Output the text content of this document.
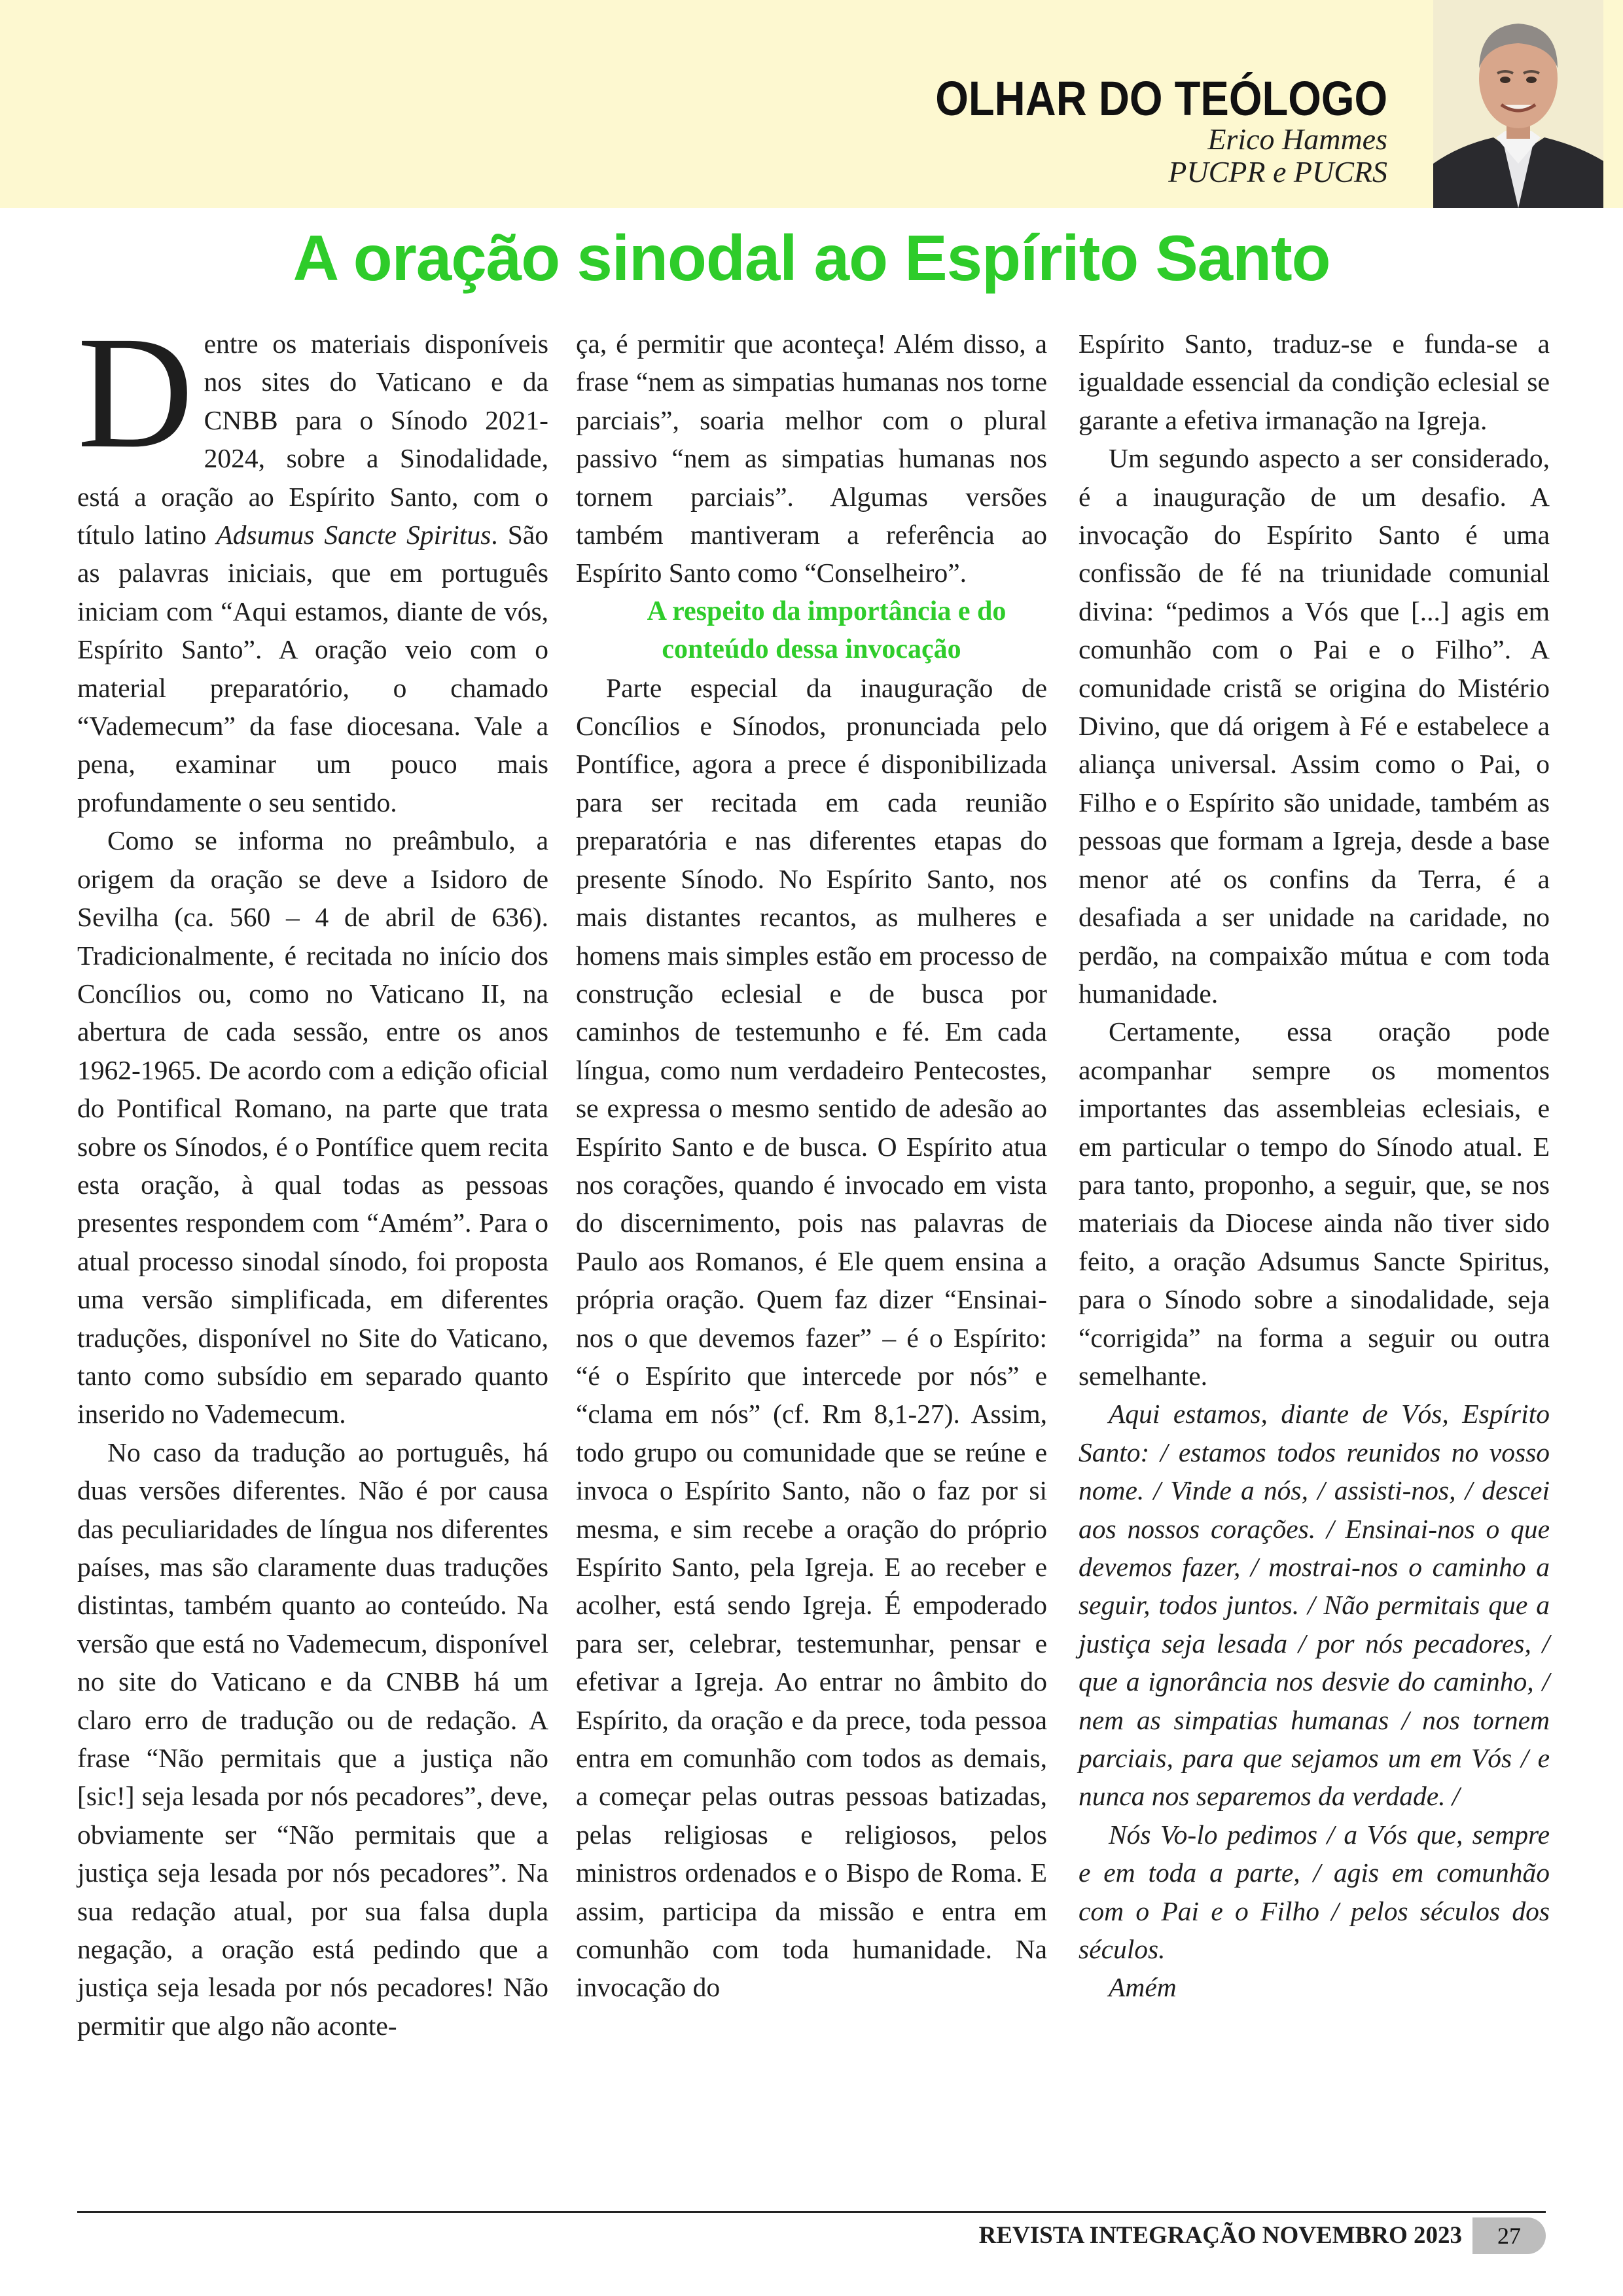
OLHAR DO TEÓLOGO
Erico Hammes
PUCPR e PUCRS
A oração sinodal ao Espírito Santo

Dentre os materiais disponíveis nos sites do Vaticano e da CNBB para o Sínodo 2021-2024, sobre a Sinodalidade, está a oração ao Espírito Santo, com o título latino Adsumus Sancte Spiritus. São as palavras iniciais, que em português iniciam com “Aqui estamos, diante de vós, Espírito Santo”. A oração veio com o material preparatório, o chamado “Vademecum” da fase diocesana. Vale a pena, examinar um pouco mais profundamente o seu sentido.

Como se informa no preâmbulo, a origem da oração se deve a Isidoro de Sevilha (ca. 560 – 4 de abril de 636). Tradicionalmente, é recitada no início dos Concílios ou, como no Vaticano II, na abertura de cada sessão, entre os anos 1962-1965. De acordo com a edição oficial do Pontifical Romano, na parte que trata sobre os Sínodos, é o Pontífice quem recita esta oração, à qual todas as pessoas presentes respondem com “Amém”. Para o atual processo sinodal sínodo, foi proposta uma versão simplificada, em diferentes traduções, disponível no Site do Vaticano, tanto como subsídio em separado quanto inserido no Vademecum.

No caso da tradução ao português, há duas versões diferentes. Não é por causa das peculiaridades de língua nos diferentes países, mas são claramente duas traduções distintas, também quanto ao conteúdo. Na versão que está no Vademecum, disponível no site do Vaticano e da CNBB há um claro erro de tradução ou de redação. A frase “Não permitais que a justiça não [sic!] seja lesada por nós pecadores”, deve, obviamente ser “Não permitais que a justiça seja lesada por nós pecadores”. Na sua redação atual, por sua falsa dupla negação, a oração está pedindo que a justiça seja lesada por nós pecadores! Não permitir que algo não aconte-

ça, é permitir que aconteça! Além disso, a frase “nem as simpatias humanas nos torne parciais”, soaria melhor com o plural passivo “nem as simpatias humanas nos tornem parciais”. Algumas versões também mantiveram a referência ao Espírito Santo como “Conselheiro”.

A respeito da importância e do
conteúdo dessa invocação

Parte especial da inauguração de Concílios e Sínodos, pronunciada pelo Pontífice, agora a prece é disponibilizada para ser recitada em cada reunião preparatória e nas diferentes etapas do presente Sínodo. No Espírito Santo, nos mais distantes recantos, as mulheres e homens mais simples estão em processo de construção eclesial e de busca por caminhos de testemunho e fé. Em cada língua, como num verdadeiro Pentecostes, se expressa o mesmo sentido de adesão ao Espírito Santo e de busca. O Espírito atua nos corações, quando é invocado em vista do discernimento, pois nas palavras de Paulo aos Romanos, é Ele quem ensina a própria oração. Quem faz dizer “Ensinai-nos o que devemos fazer” – é o Espírito: “é o Espírito que intercede por nós” e “clama em nós” (cf. Rm 8,1-27). Assim, todo grupo ou comunidade que se reúne e invoca o Espírito Santo, não o faz por si mesma, e sim recebe a oração do próprio Espírito Santo, pela Igreja. E ao receber e acolher, está sendo Igreja. É empoderado para ser, celebrar, testemunhar, pensar e efetivar a Igreja. Ao entrar no âmbito do Espírito, da oração e da prece, toda pessoa entra em comunhão com todos as demais, a começar pelas outras pessoas batizadas, pelas religiosas e religiosos, pelos ministros ordenados e o Bispo de Roma. E assim, participa da missão e entra em comunhão com toda humanidade. Na invocação do

Espírito Santo, traduz-se e funda-se a igualdade essencial da condição eclesial se garante a efetiva irmanação na Igreja.

Um segundo aspecto a ser considerado, é a inauguração de um desafio. A invocação do Espírito Santo é uma confissão de fé na triunidade comunial divina: “pedimos a Vós que [...] agis em comunhão com o Pai e o Filho”. A comunidade cristã se origina do Mistério Divino, que dá origem à Fé e estabelece a aliança universal. Assim como o Pai, o Filho e o Espírito são unidade, também as pessoas que formam a Igreja, desde a base menor até os confins da Terra, é a desafiada a ser unidade na caridade, no perdão, na compaixão mútua e com toda humanidade.

Certamente, essa oração pode acompanhar sempre os momentos importantes das assembleias eclesiais, e em particular o tempo do Sínodo atual. E para tanto, proponho, a seguir, que, se nos materiais da Diocese ainda não tiver sido feito, a oração Adsumus Sancte Spiritus, para o Sínodo sobre a sinodalidade, seja “corrigida” na forma a seguir ou outra semelhante.

Aqui estamos, diante de Vós, Espírito Santo: / estamos todos reunidos no vosso nome. / Vinde a nós, / assisti-nos, / descei aos nossos corações. / Ensinai-nos o que devemos fazer, / mostrai-nos o caminho a seguir, todos juntos. / Não permitais que a justiça seja lesada / por nós pecadores, / que a ignorância nos desvie do caminho, / nem as simpatias humanas / nos tornem parciais, para que sejamos um em Vós / e nunca nos separemos da verdade. /

Nós Vo-lo pedimos / a Vós que, sempre e em toda a parte, / agis em comunhão com o Pai e o Filho / pelos séculos dos séculos.

Amém

REVISTA INTEGRAÇÃO NOVEMBRO 2023	27
